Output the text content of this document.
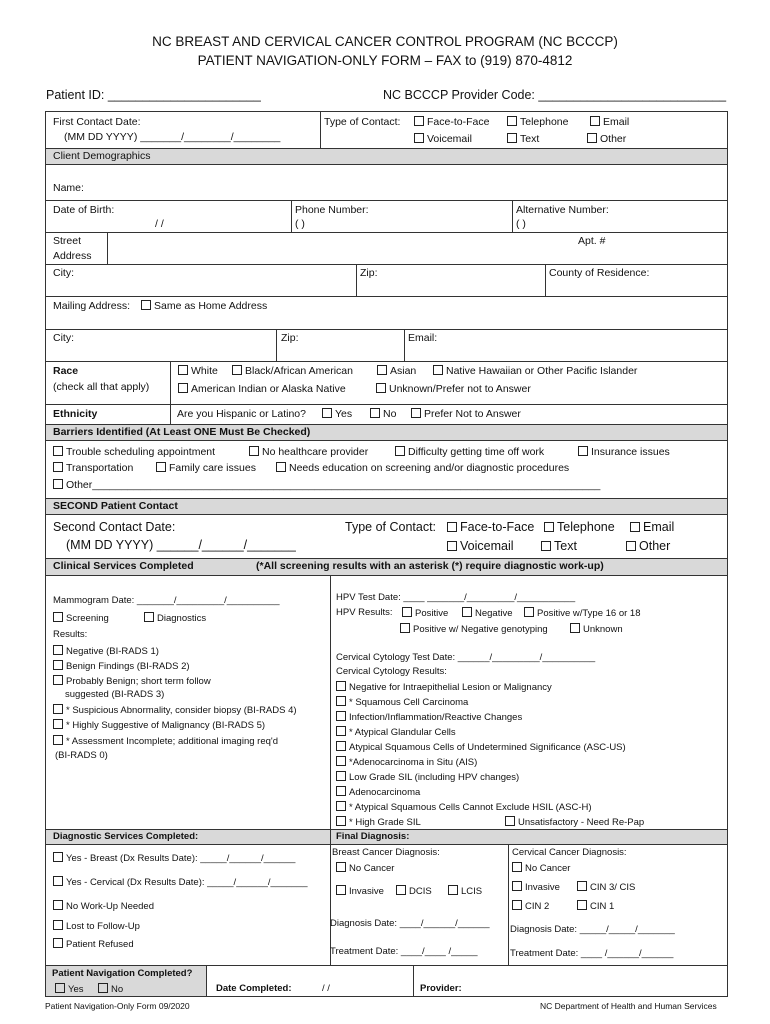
NC BREAST AND CERVICAL CANCER CONTROL PROGRAM (NC BCCCP)
PATIENT NAVIGATION-ONLY FORM – FAX to (919) 870-4812
Patient ID: ______________________	NC BCCCP Provider Code: ___________________________
First Contact Date:
(MM DD YYYY) _______/________/________
Type of Contact:	Face-to-Face	Telephone	Email
Voicemail	Text	Other
Client Demographics
Name:
Date of Birth:
/ /
Phone Number:
( )
Alternative Number:
( )
Street
Address
Apt. #
City:	Zip:	County of Residence:
Mailing Address:	Same as Home Address
City:	Zip:	Email:
Race
(check all that apply)
White	Black/African American	Asian	Native Hawaiian or Other Pacific Islander
American Indian or Alaska Native	Unknown/Prefer not to Answer
Ethnicity	Are you Hispanic or Latino?	Yes	No	Prefer Not to Answer
Barriers Identified (At Least ONE Must Be Checked)
Trouble scheduling appointment	No healthcare provider	Difficulty getting time off work	Insurance issues
Transportation	Family care issues	Needs education on screening and/or diagnostic procedures
Other_______________________________________________________________________________________
SECOND Patient Contact
Second Contact Date:
(MM DD YYYY) ______/______/_______
Type of Contact:	Face-to-Face	Telephone	Email
Voicemail	Text	Other
Clinical Services Completed	(*All screening results with an asterisk (*) require diagnostic work-up)
Mammogram Date: _______/_________/__________
Screening	Diagnostics
Results:
Negative (BI-RADS 1)
Benign Findings (BI-RADS 2)
Probably Benign; short term follow
suggested (BI-RADS 3)
* Suspicious Abnormality, consider biopsy (BI-RADS 4)
* Highly Suggestive of Malignancy (BI-RADS 5)
* Assessment Incomplete; additional imaging req'd
(BI-RADS 0)
HPV Test Date: ____ _______/_________/___________
HPV Results:	Positive	Negative	Positive w/Type 16 or 18
Positive w/ Negative genotyping	Unknown
Cervical Cytology Test Date: ______/_________/__________
Cervical Cytology Results:
Negative for Intraepithelial Lesion or Malignancy
* Squamous Cell Carcinoma
Infection/Inflammation/Reactive Changes
* Atypical Glandular Cells
Atypical Squamous Cells of Undetermined Significance (ASC-US)
*Adenocarcinoma in Situ (AIS)
Low Grade SIL (including HPV changes)
Adenocarcinoma
* Atypical Squamous Cells Cannot Exclude HSIL (ASC-H)
* High Grade SIL	Unsatisfactory - Need Re-Pap
Diagnostic Services Completed:
Yes - Breast (Dx Results Date): _____/______/______
Yes - Cervical (Dx Results Date): _____/______/_______
No Work-Up Needed
Lost to Follow-Up
Patient Refused
Final Diagnosis:
Breast Cancer Diagnosis:
No Cancer
Invasive	DCIS	LCIS
Diagnosis Date: ____/______/______
Treatment Date: ____/____ /_____
Cervical Cancer Diagnosis:
No Cancer
Invasive	CIN 3/ CIS
CIN 2	CIN 1
Diagnosis Date: _____/_____/_______
Treatment Date: ____ /______/______
Patient Navigation Completed?
Yes	No	Date Completed:	/ /	Provider:
Patient Navigation-Only Form 09/2020	NC Department of Health and Human Services
